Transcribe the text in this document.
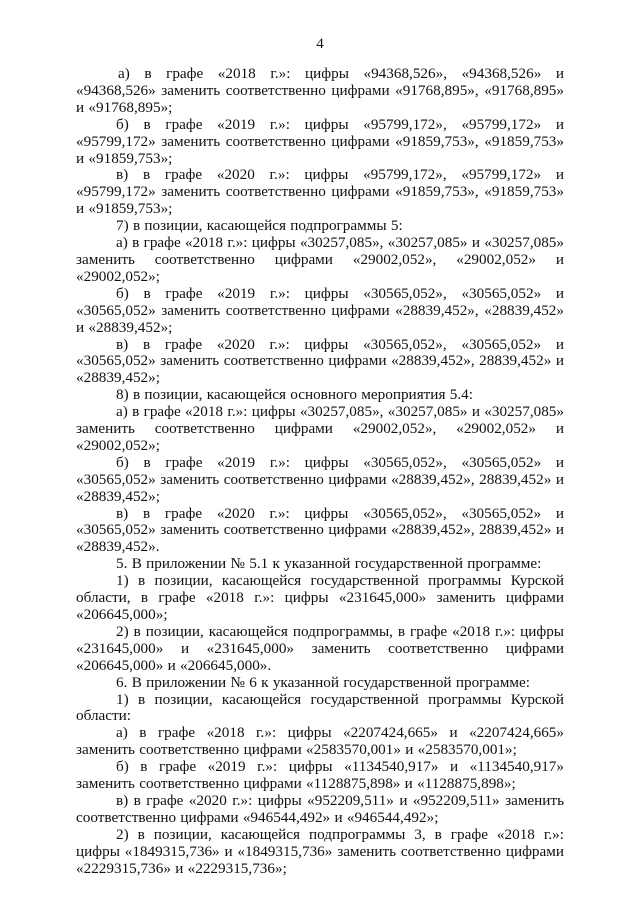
4

а) в графе «2018 г.»: цифры «94368,526», «94368,526» и «94368,526» заменить соответственно цифрами «91768,895», «91768,895» и «91768,895»;

б) в графе «2019 г.»: цифры «95799,172», «95799,172» и «95799,172» заменить соответственно цифрами «91859,753», «91859,753» и «91859,753»;

в) в графе «2020 г.»: цифры «95799,172», «95799,172» и «95799,172» заменить соответственно цифрами «91859,753», «91859,753» и «91859,753»;

7) в позиции, касающейся подпрограммы 5:

а) в графе «2018 г.»: цифры «30257,085», «30257,085» и «30257,085» заменить соответственно цифрами «29002,052», «29002,052» и «29002,052»;

б) в графе «2019 г.»: цифры «30565,052», «30565,052» и «30565,052» заменить соответственно цифрами «28839,452», «28839,452» и «28839,452»;

в) в графе «2020 г.»: цифры «30565,052», «30565,052» и «30565,052» заменить соответственно цифрами «28839,452», 28839,452» и «28839,452»;

8) в позиции, касающейся основного мероприятия 5.4:

а) в графе «2018 г.»: цифры «30257,085», «30257,085» и «30257,085» заменить соответственно цифрами «29002,052», «29002,052» и «29002,052»;

б) в графе «2019 г.»: цифры «30565,052», «30565,052» и «30565,052» заменить соответственно цифрами «28839,452», 28839,452» и «28839,452»;

в) в графе «2020 г.»: цифры «30565,052», «30565,052» и «30565,052» заменить соответственно цифрами «28839,452», 28839,452» и «28839,452».

5. В приложении № 5.1 к указанной государственной программе:

1) в позиции, касающейся государственной программы Курской области, в графе «2018 г.»: цифры «231645,000» заменить цифрами «206645,000»;

2) в позиции, касающейся подпрограммы, в графе «2018 г.»: цифры «231645,000» и «231645,000» заменить соответственно цифрами «206645,000» и «206645,000».

6. В приложении № 6 к указанной государственной программе:

1) в позиции, касающейся государственной программы Курской области:

а) в графе «2018 г.»: цифры «2207424,665» и «2207424,665» заменить соответственно цифрами «2583570,001» и «2583570,001»;

б) в графе «2019 г.»: цифры «1134540,917» и «1134540,917» заменить соответственно цифрами «1128875,898» и «1128875,898»;

в) в графе «2020 г.»: цифры «952209,511» и «952209,511» заменить соответственно цифрами «946544,492» и «946544,492»;

2) в позиции, касающейся подпрограммы 3, в графе «2018 г.»: цифры «1849315,736» и «1849315,736» заменить соответственно цифрами «2229315,736» и «2229315,736»;
